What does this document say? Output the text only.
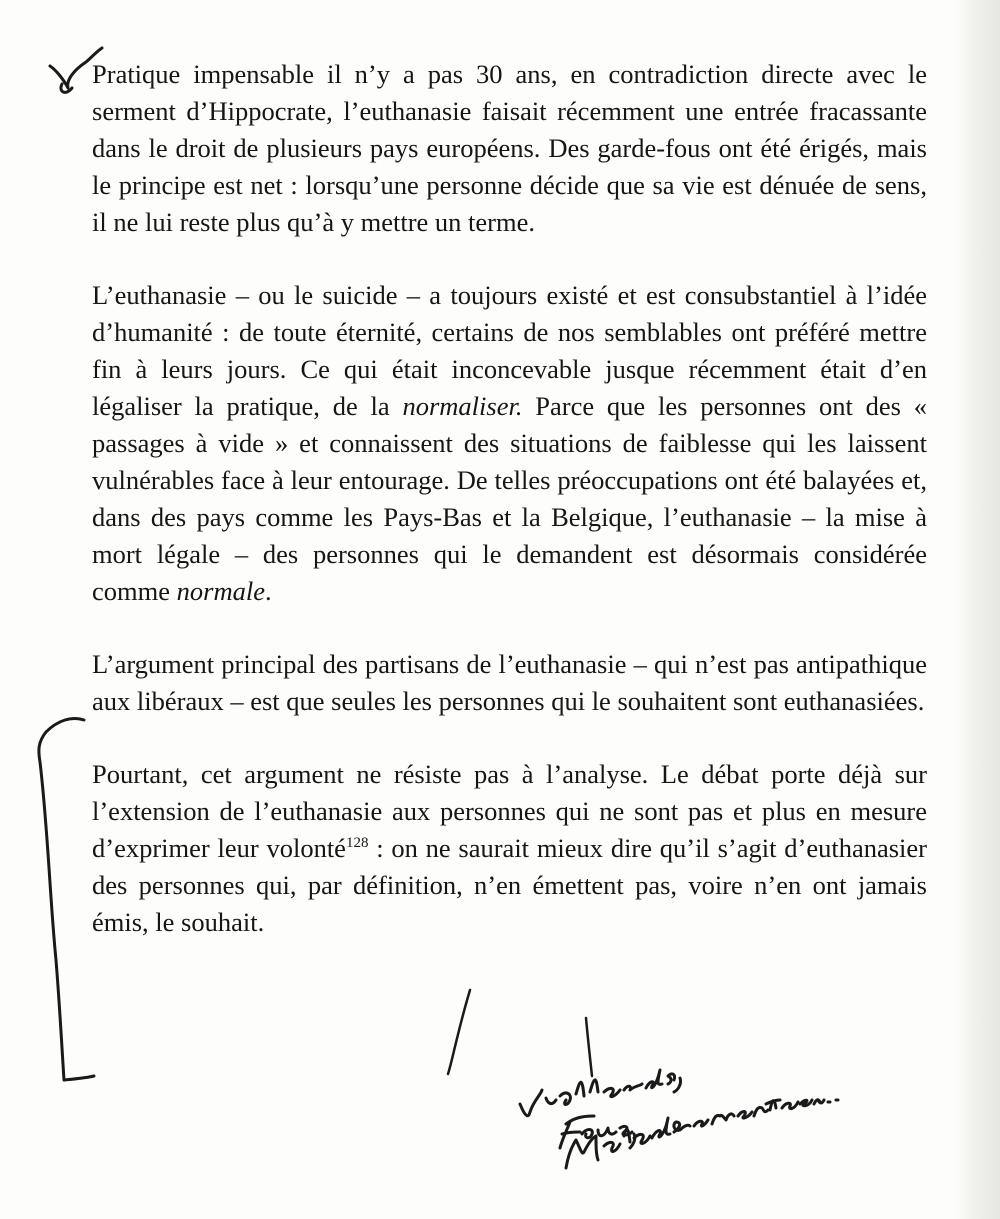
Pratique impensable il n’y a pas 30 ans, en contradiction directe avec le serment d’Hippocrate, l’euthanasie faisait récemment une entrée fracassante dans le droit de plusieurs pays européens. Des garde-fous ont été érigés, mais le principe est net : lorsqu’une personne décide que sa vie est dénuée de sens, il ne lui reste plus qu’à y mettre un terme.

L’euthanasie – ou le suicide – a toujours existé et est consubstantiel à l’idée d’humanité : de toute éternité, certains de nos semblables ont préféré mettre fin à leurs jours. Ce qui était inconcevable jusque récemment était d’en légaliser la pratique, de la normaliser. Parce que les personnes ont des « passages à vide » et connaissent des situations de faiblesse qui les laissent vulnérables face à leur entourage. De telles préoccupations ont été balayées et, dans des pays comme les Pays-Bas et la Belgique, l’euthanasie – la mise à mort légale – des personnes qui le demandent est désormais considérée comme normale.

L’argument principal des partisans de l’euthanasie – qui n’est pas antipathique aux libéraux – est que seules les personnes qui le souhaitent sont euthanasiées.

Pourtant, cet argument ne résiste pas à l’analyse. Le débat porte déjà sur l’extension de l’euthanasie aux personnes qui ne sont pas et plus en mesure d’exprimer leur volonté$^{128}$ : on ne saurait mieux dire qu’il s’agit d’euthanasier des personnes qui, par définition, n’en émettent pas, voire n’en ont jamais émis, le souhait.
